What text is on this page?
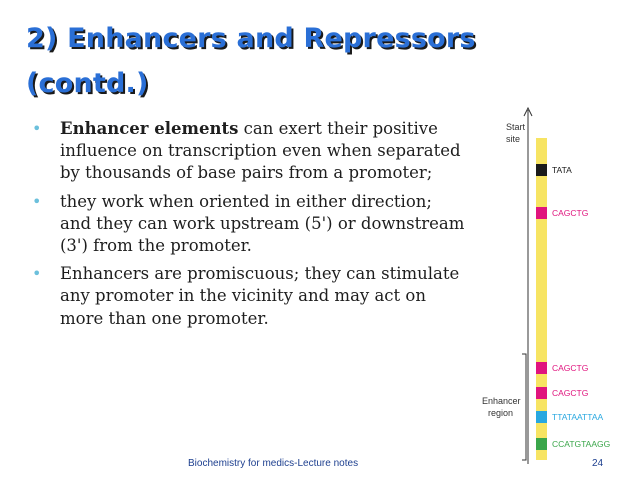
2) Enhancers and Repressors
(contd.)
• Enhancer elements can exert their positive influence on transcription even when separated by thousands of base pairs from a promoter;
• they work when oriented in either direction; and they can work upstream (5') or downstream (3') from the promoter.
• Enhancers are promiscuous; they can stimulate any promoter in the vicinity and may act on more than one promoter.
Start
site
TATA
CAGCTG
CAGCTG
CAGCTG
TTATAATTAA
CCATGTAAGG
Enhancer
region
Biochemistry for medics-Lecture notes	24
